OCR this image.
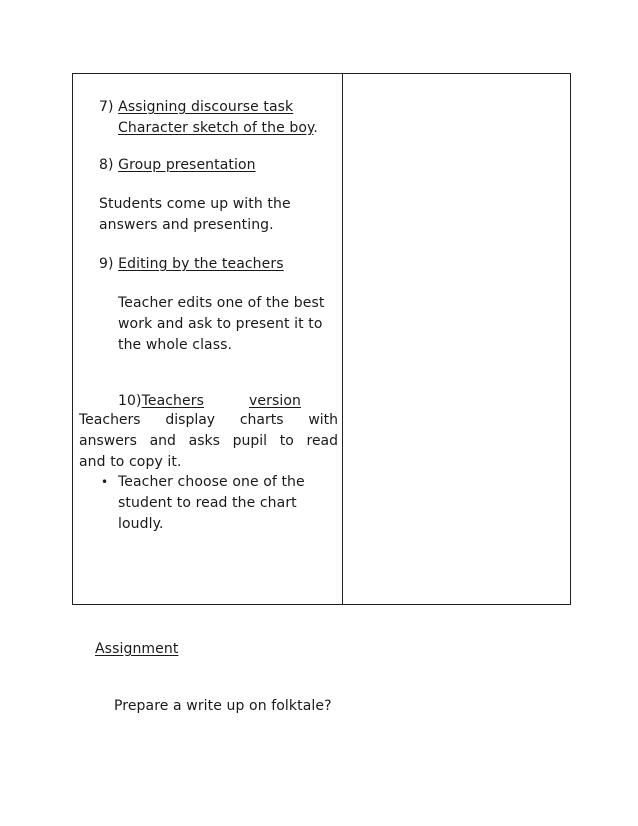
7) Assigning discourse task
Character sketch of the boy.
8) Group presentation
Students come up with the
answers and presenting.
9) Editing by the teachers
Teacher edits one of the best
work and ask to present it to
the whole class.
10)Teachers	version
Teachers display charts with
answers and asks pupil to read
and to copy it.
• Teacher choose one of the
student to read the chart
loudly.
Assignment
Prepare a write up on folktale?
